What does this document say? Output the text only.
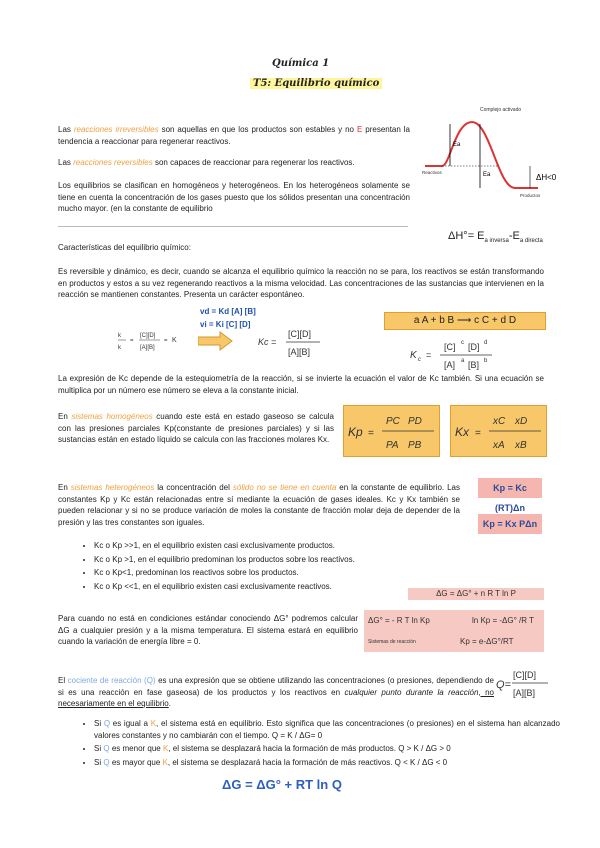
Química 1
T5: Equilibrio químico
Complejo activado
Ea
Ea
Reactivos
Productos
ΔH<0
Las reacciones irreversibles son aquellas en que los productos son estables y no E presentan la tendencia a reaccionar para regenerar reactivos.
Las reacciones reversibles son capaces de reaccionar para regenerar los reactivos.
Los equilibrios se clasifican en homogéneos y heterogéneos. En los heterogéneos solamente se tiene en cuenta la concentración de los gases puesto que los sólidos presentan una concentración mucho mayor. (en la constante de equilibrio
$\Delta H^\circ= E_{a inversa}-E_{a directa}$
Características del equilibrio químico:
Es reversible y dinámico, es decir, cuando se alcanza el equilibrio químico la reacción no se para, los reactivos se están transformando en productos y estos a su vez regenerando reactivos a la misma velocidad. Las concentraciones de las sustancias que intervienen en la reacción se mantienen constantes. Presenta un carácter espontáneo.
vd = Kd [A] [B]
vi = Ki [C] [D]
k
k
=
[C][D]
[A][B]
= K	Kc =
[C][D]
[A][B]
a A + b B ⟶ c C + d D
K c =
[C] c [D] d
[A] a [B] b
La expresión de Kc depende de la estequiometría de la reacción, si se invierte la ecuación el valor de Kc también. Si una ecuación se multiplica por un número ese número se eleva a la constante inicial.
En sistemas homogéneos cuando este está en estado gaseoso se calcula con las presiones parciales Kp(constante de presiones parciales) y si las sustancias están en estado líquido se calcula con las fracciones molares Kx.
Kp =
PC PD
PA PB
Kx =
xC xD
xA xB
En sistemas heterogéneos la concentración del sólido no se tiene en cuenta en la constante de equilibrio. Las constantes Kp y Kc están relacionadas entre sí mediante la ecuación de gases ideales. Kc y Kx también se pueden relacionar y si no se produce variación de moles la constante de fracción molar deja de depender de la presión y las tres constantes son iguales.
Kp = Kc (RT)Δn
Kp = Kx PΔn
• Kc o Kp >>1, en el equilibrio existen casi exclusivamente productos.
• Kc o Kp >1, en el equilibrio predominan los productos sobre los reactivos.
• Kc o Kp<1, predominan los reactivos sobre los productos.
• Kc o Kp <<1, en el equilibrio existen casi exclusivamente reactivos.
ΔG = ΔG° + n R T ln P
Para cuando no está en condiciones estándar conociendo ΔG° podremos calcular ΔG a cualquier presión y a la misma temperatura. El sistema estará en equilibrio cuando la variación de energía libre = 0.
ΔG° = - R T ln Kp	ln Kp = -ΔG° /R T
Sistemas de reacción	Kp = e-ΔG°/RT
El cociente de reacción (Q) es una expresión que se obtiene utilizando las concentraciones (o presiones, dependiendo de si es una reacción en fase gaseosa) de los productos y los reactivos en cualquier punto durante la reacción, no necesariamente en el equilibrio.
Q=
[C][D]
[A][B]
• Si Q es igual a K, el sistema está en equilibrio. Esto significa que las concentraciones (o presiones) en el sistema han alcanzado valores constantes y no cambiarán con el tiempo. Q = K / ΔG= 0
• Si Q es menor que K, el sistema se desplazará hacia la formación de más productos. Q > K / ΔG > 0
• Si Q es mayor que K, el sistema se desplazará hacia la formación de más reactivos. Q < K / ΔG < 0
ΔG = ΔG° + RT ln Q
